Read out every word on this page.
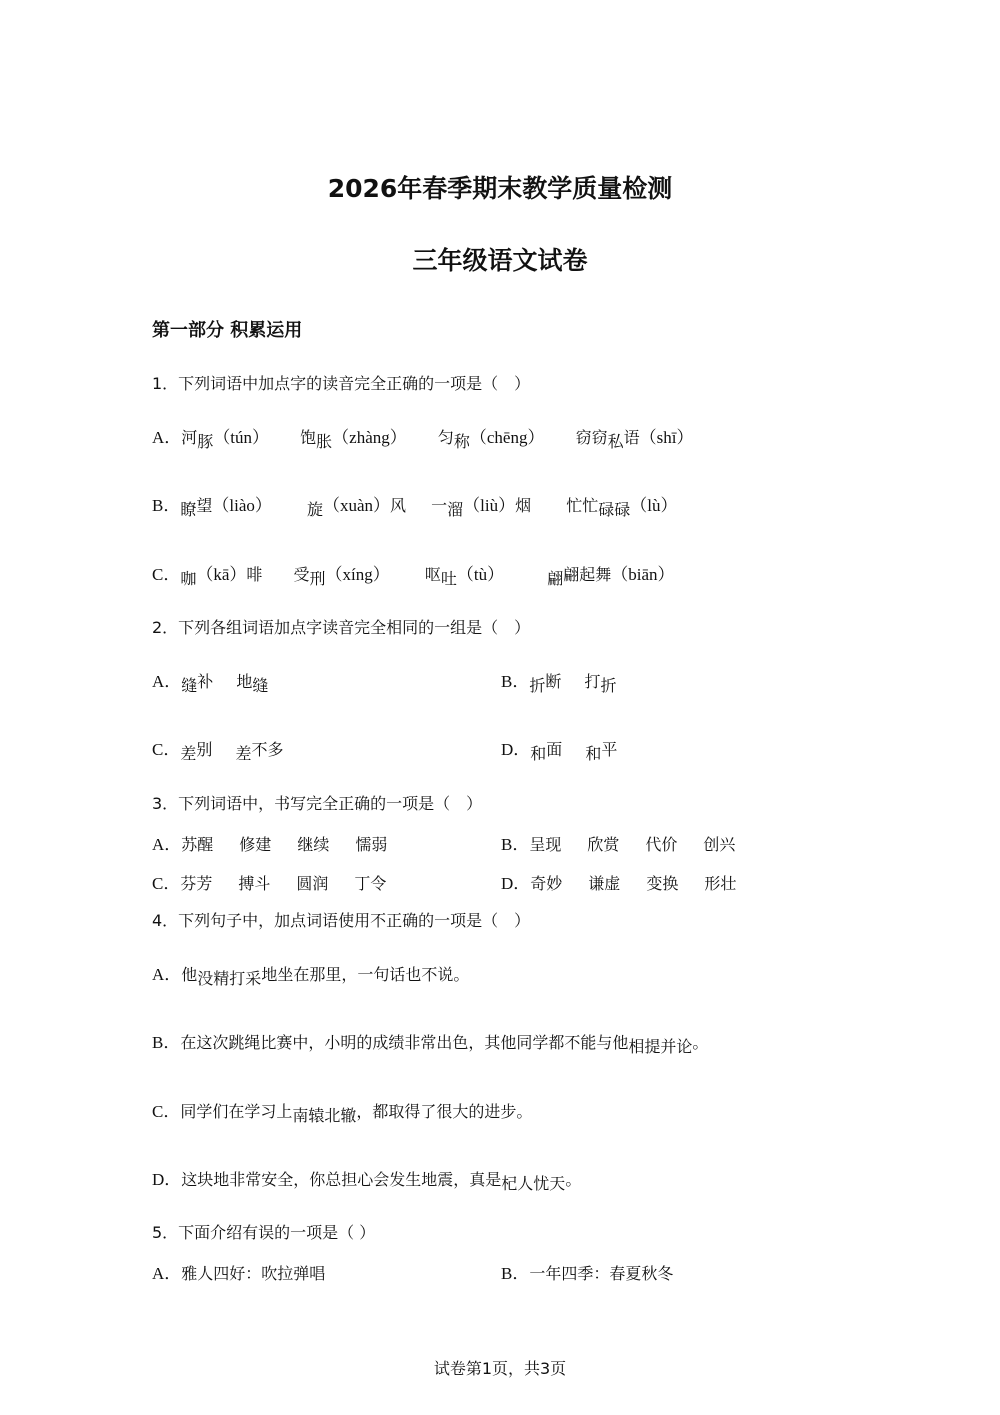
2026年春季期末教学质量检测
三年级语文试卷
第一部分 积累运用
1．下列词语中加点字的读音完全正确的一项是（　）
A．河豚（tún） 饱胀（zhàng） 匀称（chēng） 窃窃私语（shī）
B．瞭望（liào） 旋（xuàn）风 一溜（liù）烟 忙忙碌碌（lù）
C．咖（kā）啡 受刑（xíng） 呕吐（tù）	翩翩起舞（biān）
2．下列各组词语加点字读音完全相同的一组是（　）
A．缝补 地缝	B．折断 打折
C．差别 差不多	D．和面 和平
3．下列词语中，书写完全正确的一项是（　）
A．苏醒 修建 继续 懦弱	B．呈现 欣赏 代价 创兴
C．芬芳 搏斗 圆润 丁令	D．奇妙 谦虚 变换 形壮
4．下列句子中，加点词语使用不正确的一项是（　）
A．他没精打采地坐在那里，一句话也不说。
B．在这次跳绳比赛中，小明的成绩非常出色，其他同学都不能与他相提并论。
C．同学们在学习上南辕北辙，都取得了很大的进步。
D．这块地非常安全，你总担心会发生地震，真是杞人忧天。
5．下面介绍有误的一项是（ ）
A．雅人四好：吹拉弹唱	B．一年四季：春夏秋冬
试卷第1页，共3页
